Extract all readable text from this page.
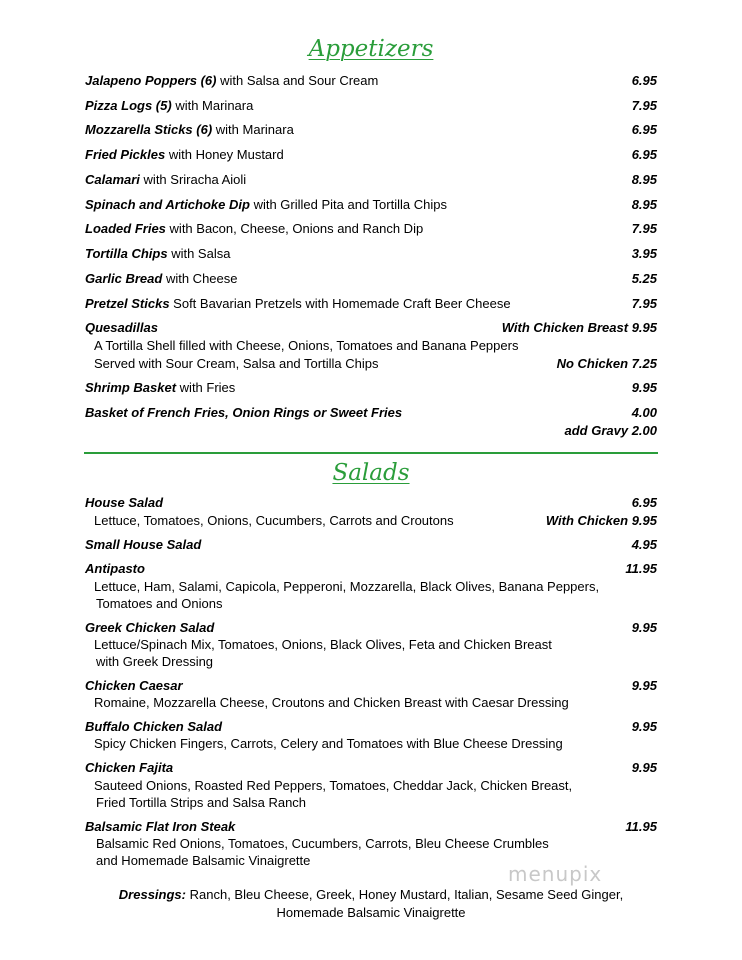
Appetizers
Jalapeno Poppers (6) with Salsa and Sour Cream	6.95
Pizza Logs (5) with Marinara	7.95
Mozzarella Sticks (6) with Marinara	6.95
Fried Pickles with Honey Mustard	6.95
Calamari with Sriracha Aioli	8.95
Spinach and Artichoke Dip with Grilled Pita and Tortilla Chips	8.95
Loaded Fries with Bacon, Cheese, Onions and Ranch Dip	7.95
Tortilla Chips with Salsa	3.95
Garlic Bread with Cheese	5.25
Pretzel Sticks Soft Bavarian Pretzels with Homemade Craft Beer Cheese	7.95
Quesadillas	With Chicken Breast 9.95
A Tortilla Shell filled with Cheese, Onions, Tomatoes and Banana Peppers
Served with Sour Cream, Salsa and Tortilla Chips	No Chicken 7.25
Shrimp Basket with Fries	9.95
Basket of French Fries, Onion Rings or Sweet Fries	4.00
add Gravy 2.00
Salads
House Salad	6.95
Lettuce, Tomatoes, Onions, Cucumbers, Carrots and Croutons	With Chicken 9.95
Small House Salad	4.95
Antipasto	11.95
Lettuce, Ham, Salami, Capicola, Pepperoni, Mozzarella, Black Olives, Banana Peppers,
Tomatoes and Onions
Greek Chicken Salad	9.95
Lettuce/Spinach Mix, Tomatoes, Onions, Black Olives, Feta and Chicken Breast
with Greek Dressing
Chicken Caesar	9.95
Romaine, Mozzarella Cheese, Croutons and Chicken Breast with Caesar Dressing
Buffalo Chicken Salad	9.95
Spicy Chicken Fingers, Carrots, Celery and Tomatoes with Blue Cheese Dressing
Chicken Fajita	9.95
Sauteed Onions, Roasted Red Peppers, Tomatoes, Cheddar Jack, Chicken Breast,
Fried Tortilla Strips and Salsa Ranch
Balsamic Flat Iron Steak	11.95
Balsamic Red Onions, Tomatoes, Cucumbers, Carrots, Bleu Cheese Crumbles
and Homemade Balsamic Vinaigrette
menupix
Dressings: Ranch, Bleu Cheese, Greek, Honey Mustard, Italian, Sesame Seed Ginger,
Homemade Balsamic Vinaigrette
